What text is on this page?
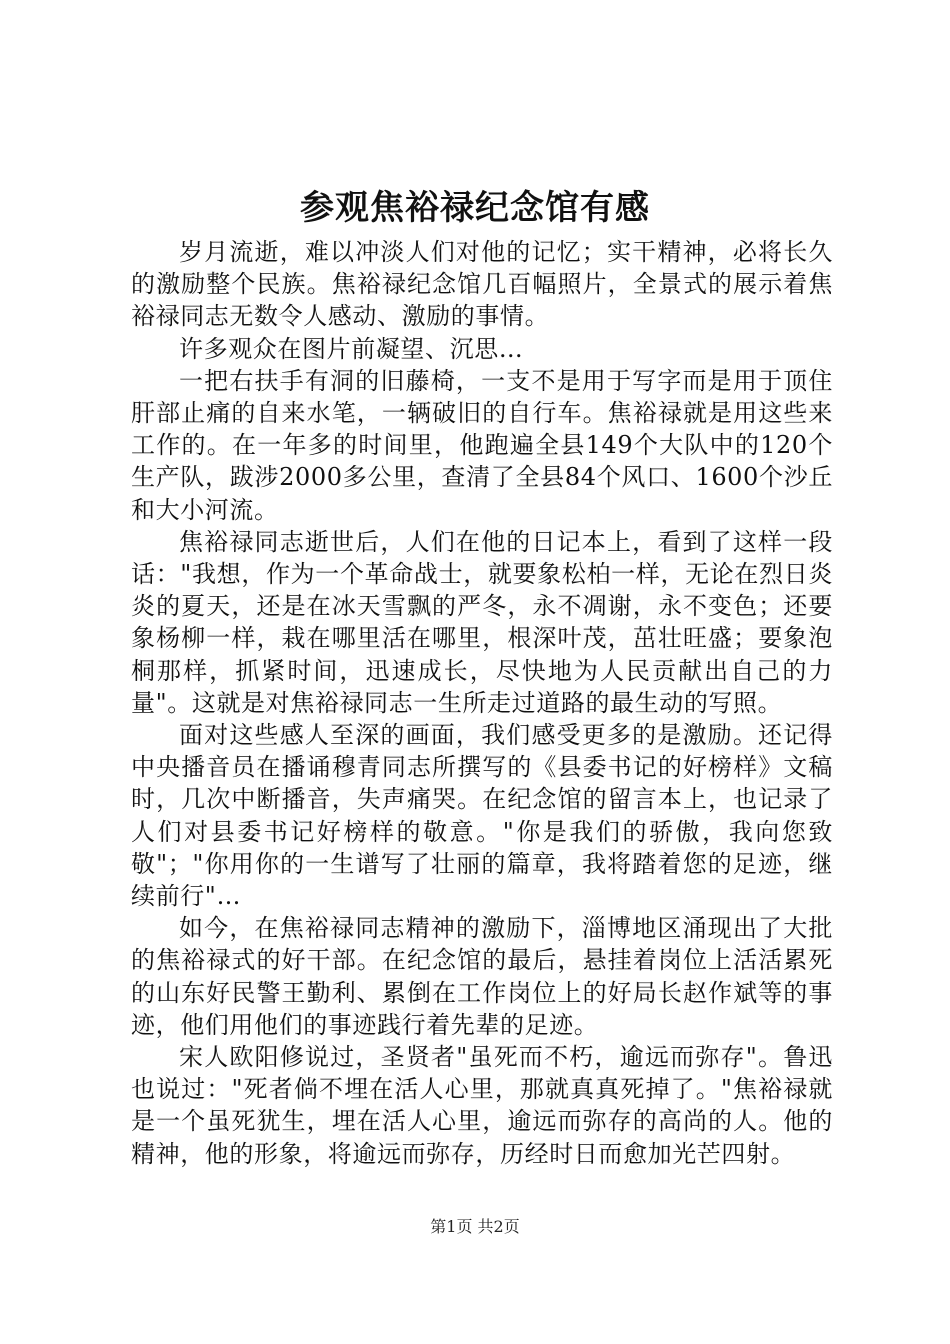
参观焦裕禄纪念馆有感

岁月流逝，难以冲淡人们对他的记忆；实干精神，必将长久的激励整个民族。焦裕禄纪念馆几百幅照片，全景式的展示着焦裕禄同志无数令人感动、激励的事情。

许多观众在图片前凝望、沉思…

一把右扶手有洞的旧藤椅，一支不是用于写字而是用于顶住肝部止痛的自来水笔，一辆破旧的自行车。焦裕禄就是用这些来工作的。在一年多的时间里，他跑遍全县149个大队中的120个生产队，跋涉2000多公里，查清了全县84个风口、1600个沙丘和大小河流。

焦裕禄同志逝世后，人们在他的日记本上，看到了这样一段话："我想，作为一个革命战士，就要象松柏一样，无论在烈日炎炎的夏天，还是在冰天雪飘的严冬，永不凋谢，永不变色；还要象杨柳一样，栽在哪里活在哪里，根深叶茂，茁壮旺盛；要象泡桐那样，抓紧时间，迅速成长，尽快地为人民贡献出自己的力量"。这就是对焦裕禄同志一生所走过道路的最生动的写照。

面对这些感人至深的画面，我们感受更多的是激励。还记得中央播音员在播诵穆青同志所撰写的《县委书记的好榜样》文稿时，几次中断播音，失声痛哭。在纪念馆的留言本上，也记录了人们对县委书记好榜样的敬意。"你是我们的骄傲，我向您致敬"；"你用你的一生谱写了壮丽的篇章，我将踏着您的足迹，继续前行"…

如今，在焦裕禄同志精神的激励下，淄博地区涌现出了大批的焦裕禄式的好干部。在纪念馆的最后，悬挂着岗位上活活累死的山东好民警王勤利、累倒在工作岗位上的好局长赵作斌等的事迹，他们用他们的事迹践行着先辈的足迹。

宋人欧阳修说过，圣贤者"虽死而不朽，逾远而弥存"。鲁迅也说过："死者倘不埋在活人心里，那就真真死掉了。"焦裕禄就是一个虽死犹生，埋在活人心里，逾远而弥存的高尚的人。他的精神，他的形象，将逾远而弥存，历经时日而愈加光芒四射。

第1页 共2页
